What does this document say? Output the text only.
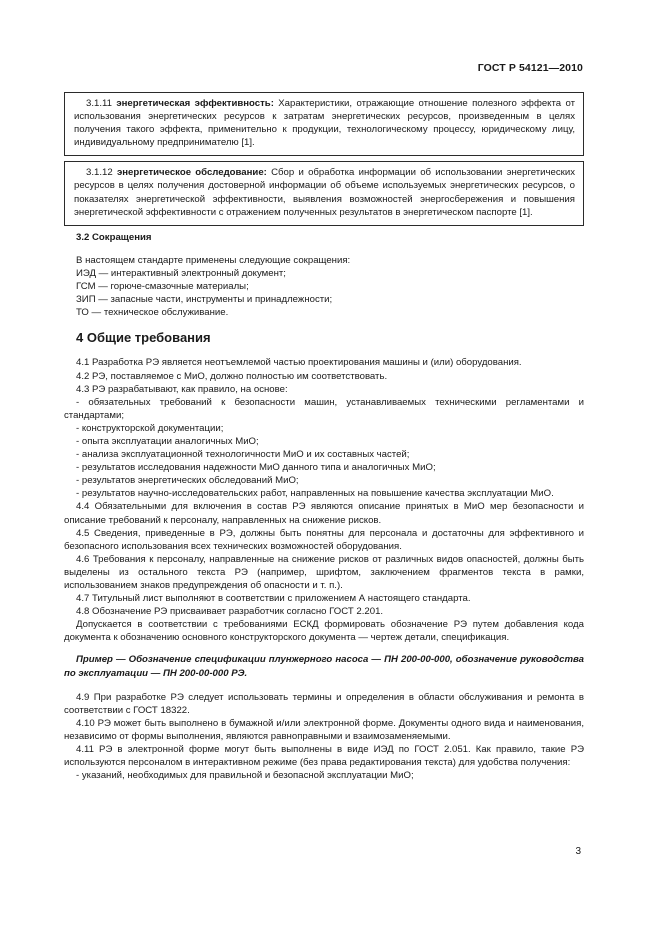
ГОСТ Р 54121—2010

3.1.11 энергетическая эффективность: Характеристики, отражающие отношение полезного эффекта от использования энергетических ресурсов к затратам энергетических ресурсов, произведенным в целях получения такого эффекта, применительно к продукции, технологическому процессу, юридическому лицу, индивидуальному предпринимателю [1].

3.1.12 энергетическое обследование: Сбор и обработка информации об использовании энергетических ресурсов в целях получения достоверной информации об объеме используемых энергетических ресурсов, о показателях энергетической эффективности, выявления возможностей энергосбережения и повышения энергетической эффективности с отражением полученных результатов в энергетическом паспорте [1].

3.2 Сокращения

В настоящем стандарте применены следующие сокращения:

ИЭД — интерактивный электронный документ;

ГСМ — горюче-смазочные материалы;

ЗИП — запасные части, инструменты и принадлежности;

ТО — техническое обслуживание.

4 Общие требования

4.1 Разработка РЭ является неотъемлемой частью проектирования машины и (или) оборудования.

4.2 РЭ, поставляемое с МиО, должно полностью им соответствовать.

4.3 РЭ разрабатывают, как правило, на основе:

- обязательных требований к безопасности машин, устанавливаемых техническими регламентами и стандартами;

- конструкторской документации;

- опыта эксплуатации аналогичных МиО;

- анализа эксплуатационной технологичности МиО и их составных частей;

- результатов исследования надежности МиО данного типа и аналогичных МиО;

- результатов энергетических обследований МиО;

- результатов научно-исследовательских работ, направленных на повышение качества эксплуатации МиО.

4.4 Обязательными для включения в состав РЭ являются описание принятых в МиО мер безопасности и описание требований к персоналу, направленных на снижение рисков.

4.5 Сведения, приведенные в РЭ, должны быть понятны для персонала и достаточны для эффективного и безопасного использования всех технических возможностей оборудования.

4.6 Требования к персоналу, направленные на снижение рисков от различных видов опасностей, должны быть выделены из остального текста РЭ (например, шрифтом, заключением фрагментов текста в рамки, использованием знаков предупреждения об опасности и т. п.).

4.7 Титульный лист выполняют в соответствии с приложением А настоящего стандарта.

4.8 Обозначение РЭ присваивает разработчик согласно ГОСТ 2.201.

Допускается в соответствии с требованиями ЕСКД формировать обозначение РЭ путем добавления кода документа к обозначению основного конструкторского документа — чертеж детали, спецификация.

Пример — Обозначение спецификации плунжерного насоса — ПН 200-00-000, обозначение руководства по эксплуатации — ПН 200-00-000 РЭ.

4.9 При разработке РЭ следует использовать термины и определения в области обслуживания и ремонта в соответствии с ГОСТ 18322.

4.10 РЭ может быть выполнено в бумажной и/или электронной форме. Документы одного вида и наименования, независимо от формы выполнения, являются равноправными и взаимозаменяемыми.

4.11 РЭ в электронной форме могут быть выполнены в виде ИЭД по ГОСТ 2.051. Как правило, такие РЭ используются персоналом в интерактивном режиме (без права редактирования текста) для удобства получения:

- указаний, необходимых для правильной и безопасной эксплуатации МиО;

3
